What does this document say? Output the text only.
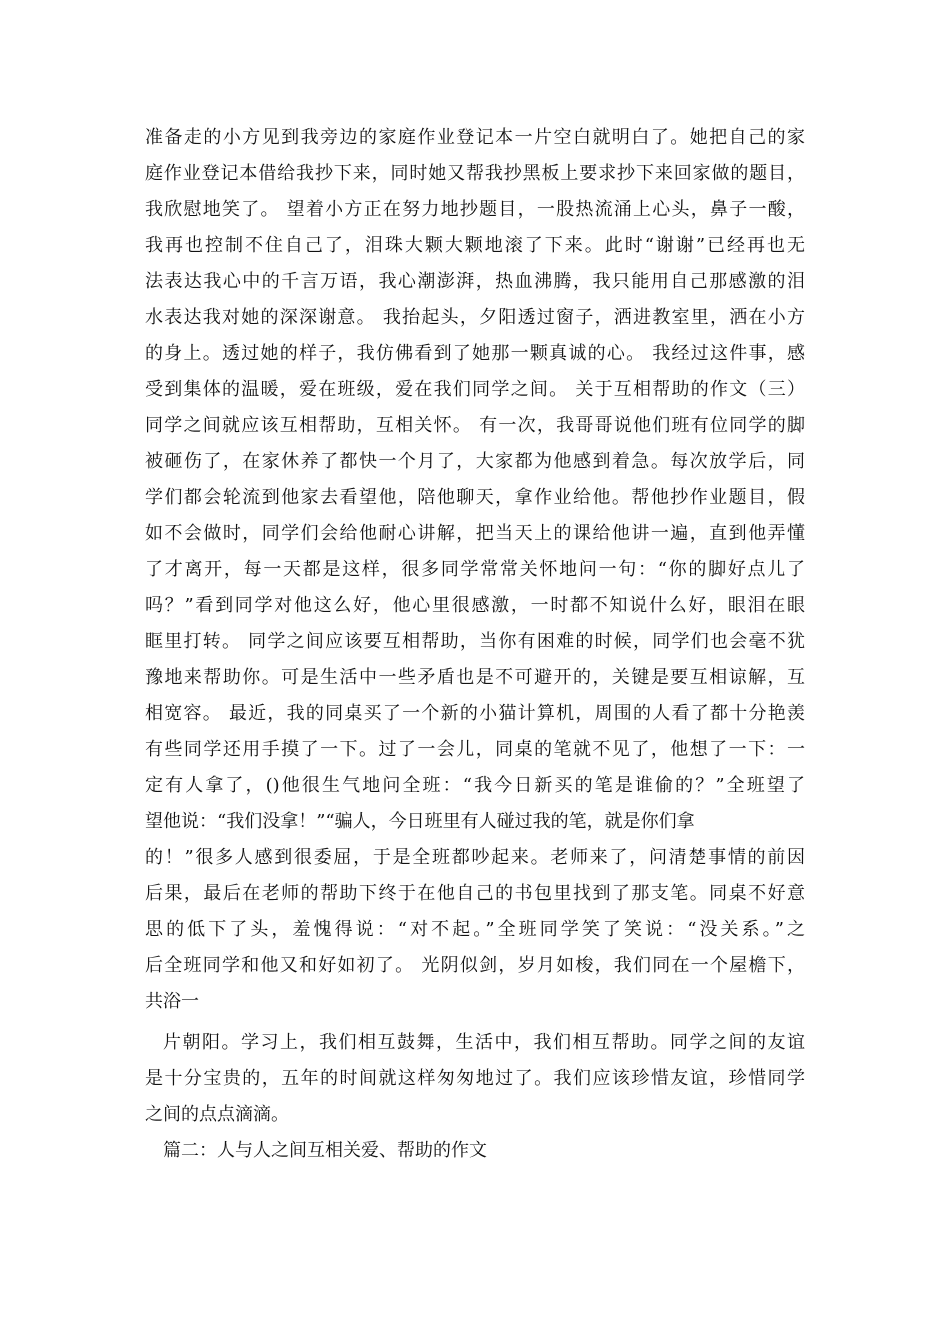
准备走的小方见到我旁边的家庭作业登记本一片空白就明白了。她把自己的家
庭作业登记本借给我抄下来，同时她又帮我抄黑板上要求抄下来回家做的题目，
我欣慰地笑了。 望着小方正在努力地抄题目，一股热流涌上心头，鼻子一酸，
我再也控制不住自己了，泪珠大颗大颗地滚了下来。此时“谢谢”已经再也无
法表达我心中的千言万语，我心潮澎湃，热血沸腾，我只能用自己那感激的泪
水表达我对她的深深谢意。 我抬起头，夕阳透过窗子，洒进教室里，洒在小方
的身上。透过她的样子，我仿佛看到了她那一颗真诚的心。 我经过这件事，感
受到集体的温暖，爱在班级，爱在我们同学之间。 关于互相帮助的作文（三）
同学之间就应该互相帮助，互相关怀。 有一次，我哥哥说他们班有位同学的脚
被砸伤了，在家休养了都快一个月了，大家都为他感到着急。每次放学后，同
学们都会轮流到他家去看望他，陪他聊天，拿作业给他。帮他抄作业题目，假
如不会做时，同学们会给他耐心讲解，把当天上的课给他讲一遍，直到他弄懂
了才离开，每一天都是这样，很多同学常常关怀地问一句：“你的脚好点儿了
吗？”看到同学对他这么好，他心里很感激，一时都不知说什么好，眼泪在眼
眶里打转。 同学之间应该要互相帮助，当你有困难的时候，同学们也会毫不犹
豫地来帮助你。可是生活中一些矛盾也是不可避开的，关键是要互相谅解，互
相宽容。 最近，我的同桌买了一个新的小猫计算机，周围的人看了都十分艳羡
有些同学还用手摸了一下。过了一会儿，同桌的笔就不见了，他想了一下：一
定有人拿了，()他很生气地问全班：“我今日新买的笔是谁偷的？”全班望了
望他说：“我们没拿！”“骗人，今日班里有人碰过我的笔，就是你们拿
的！”很多人感到很委屈，于是全班都吵起来。老师来了，问清楚事情的前因
后果，最后在老师的帮助下终于在他自己的书包里找到了那支笔。同桌不好意
思的低下了头，羞愧得说：“对不起。”全班同学笑了笑说：“没关系。”之
后全班同学和他又和好如初了。 光阴似剑，岁月如梭，我们同在一个屋檐下，
共浴一
片朝阳。学习上，我们相互鼓舞，生活中，我们相互帮助。同学之间的友谊
是十分宝贵的，五年的时间就这样匆匆地过了。我们应该珍惜友谊，珍惜同学
之间的点点滴滴。
篇二：人与人之间互相关爱、帮助的作文
